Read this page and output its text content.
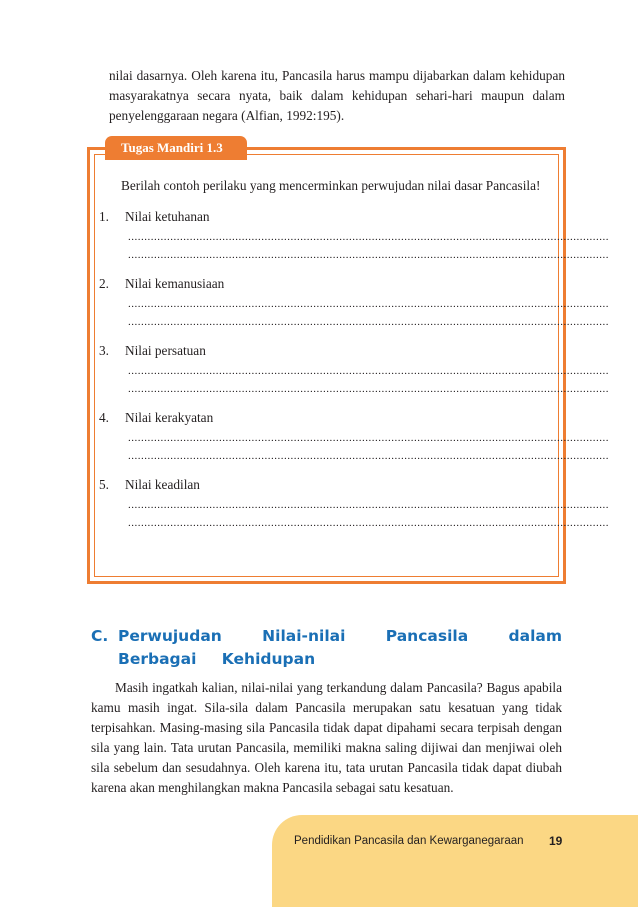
nilai dasarnya. Oleh karena itu, Pancasila harus mampu dijabarkan dalam kehidupan masyarakatnya secara nyata, baik dalam kehidupan sehari-hari maupun dalam penyelenggaraan negara (Alfian, 1992:195).

Tugas Mandiri 1.3

Berilah contoh perilaku yang mencerminkan perwujudan nilai dasar Pancasila!

1.	Nilai ketuhanan
....................................................................................................................................................
....................................................................................................................................................
2.	Nilai kemanusiaan
....................................................................................................................................................
....................................................................................................................................................
3.	Nilai persatuan
....................................................................................................................................................
....................................................................................................................................................
4.	Nilai kerakyatan
....................................................................................................................................................
....................................................................................................................................................
5.	Nilai keadilan
....................................................................................................................................................
....................................................................................................................................................
C. Perwujudan Nilai-nilai Pancasila dalam Berbagai Kehidupan

Masih ingatkah kalian, nilai-nilai yang terkandung dalam Pancasila? Bagus apabila kamu masih ingat. Sila-sila dalam Pancasila merupakan satu kesatuan yang tidak terpisahkan. Masing-masing sila Pancasila tidak dapat dipahami secara terpisah dengan sila yang lain. Tata urutan Pancasila, memiliki makna saling dijiwai dan menjiwai oleh sila sebelum dan sesudahnya. Oleh karena itu, tata urutan Pancasila tidak dapat diubah karena akan menghilangkan makna Pancasila sebagai satu kesatuan.

Pendidikan Pancasila dan Kewarganegaraan 19
